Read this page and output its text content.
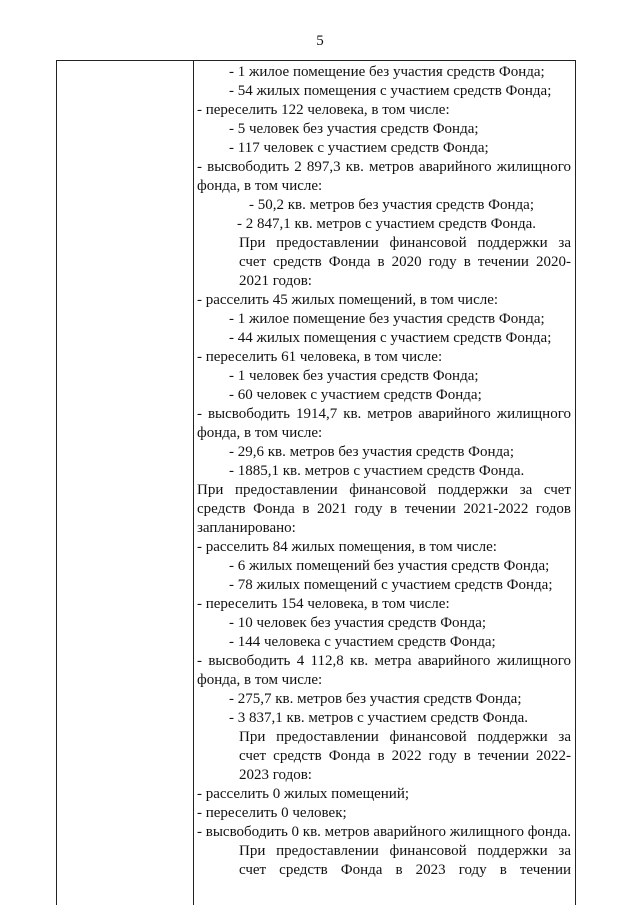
5
- 1 жилое помещение без участия средств Фонда;
- 54 жилых помещения с участием средств Фонда;
- переселить 122 человека, в том числе:
- 5 человек без участия средств Фонда;
- 117 человек с участием средств Фонда;
- высвободить 2 897,3 кв. метров аварийного жилищного фонда, в том числе:
- 50,2 кв. метров без участия средств Фонда;
- 2 847,1 кв. метров с участием средств Фонда.
При предоставлении финансовой поддержки за счет средств Фонда в 2020 году в течении 2020-2021 годов:
- расселить 45 жилых помещений, в том числе:
- 1 жилое помещение без участия средств Фонда;
- 44 жилых помещения с участием средств Фонда;
- переселить 61 человека, в том числе:
- 1 человек без участия средств Фонда;
- 60 человек с участием средств Фонда;
- высвободить 1914,7 кв. метров аварийного жилищного фонда, в том числе:
- 29,6 кв. метров без участия средств Фонда;
- 1885,1 кв. метров с участием средств Фонда.
При предоставлении финансовой поддержки за счет средств Фонда в 2021 году в течении 2021-2022 годов запланировано:
- расселить 84 жилых помещения, в том числе:
- 6 жилых помещений без участия средств Фонда;
- 78 жилых помещений с участием средств Фонда;
- переселить 154 человека, в том числе:
- 10 человек без участия средств Фонда;
- 144 человека с участием средств Фонда;
- высвободить 4 112,8 кв. метра аварийного жилищного фонда, в том числе:
- 275,7 кв. метров без участия средств Фонда;
- 3 837,1 кв. метров с участием средств Фонда.
При предоставлении финансовой поддержки за счет средств Фонда в 2022 году в течении 2022-2023 годов:
- расселить 0 жилых помещений;
- переселить 0 человек;
- высвободить 0 кв. метров аварийного жилищного фонда.
При предоставлении финансовой поддержки за счет средств Фонда в 2023 году в течении
